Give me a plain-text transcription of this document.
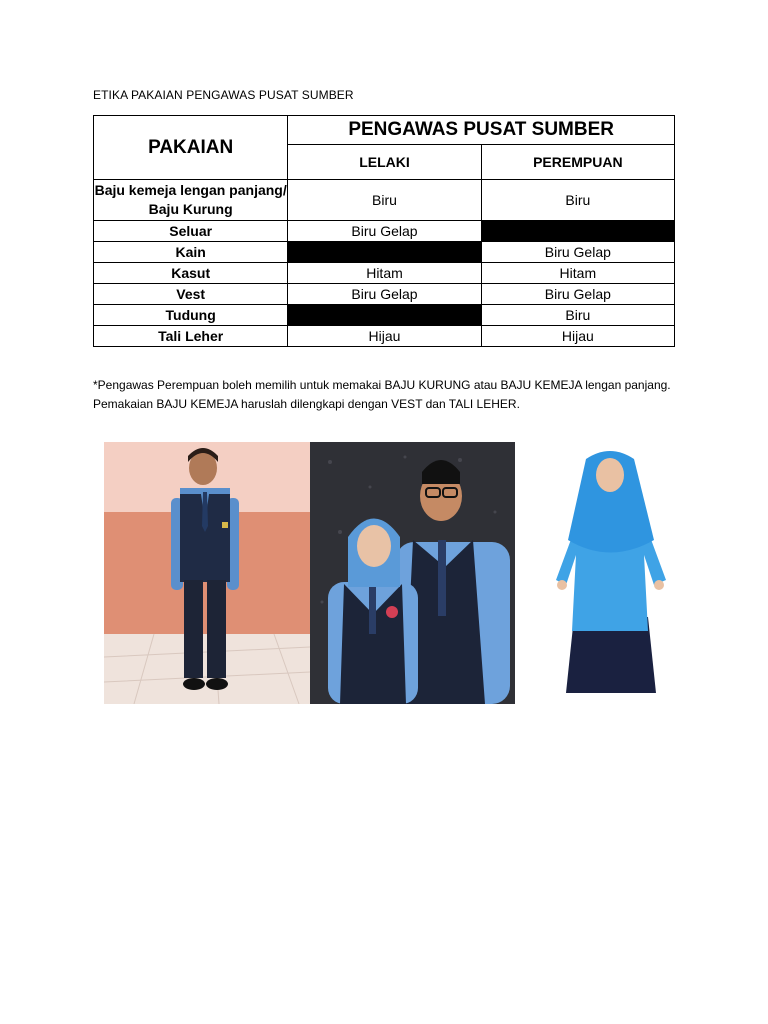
ETIKA PAKAIAN PENGAWAS PUSAT SUMBER
PAKAIAN	PENGAWAS PUSAT SUMBER	
	LELAKI	PEREMPUAN
Baju kemeja lengan panjang/ Baju Kurung	Biru	Biru
Seluar	Biru Gelap	
Kain		Biru Gelap
Kasut	Hitam	Hitam
Vest	Biru Gelap	Biru Gelap
Tudung		Biru
Tali Leher	Hijau	Hijau
*Pengawas Perempuan boleh memilih untuk memakai BAJU KURUNG atau BAJU KEMEJA lengan panjang. Pemakaian BAJU KEMEJA haruslah dilengkapi dengan VEST dan TALI LEHER.
